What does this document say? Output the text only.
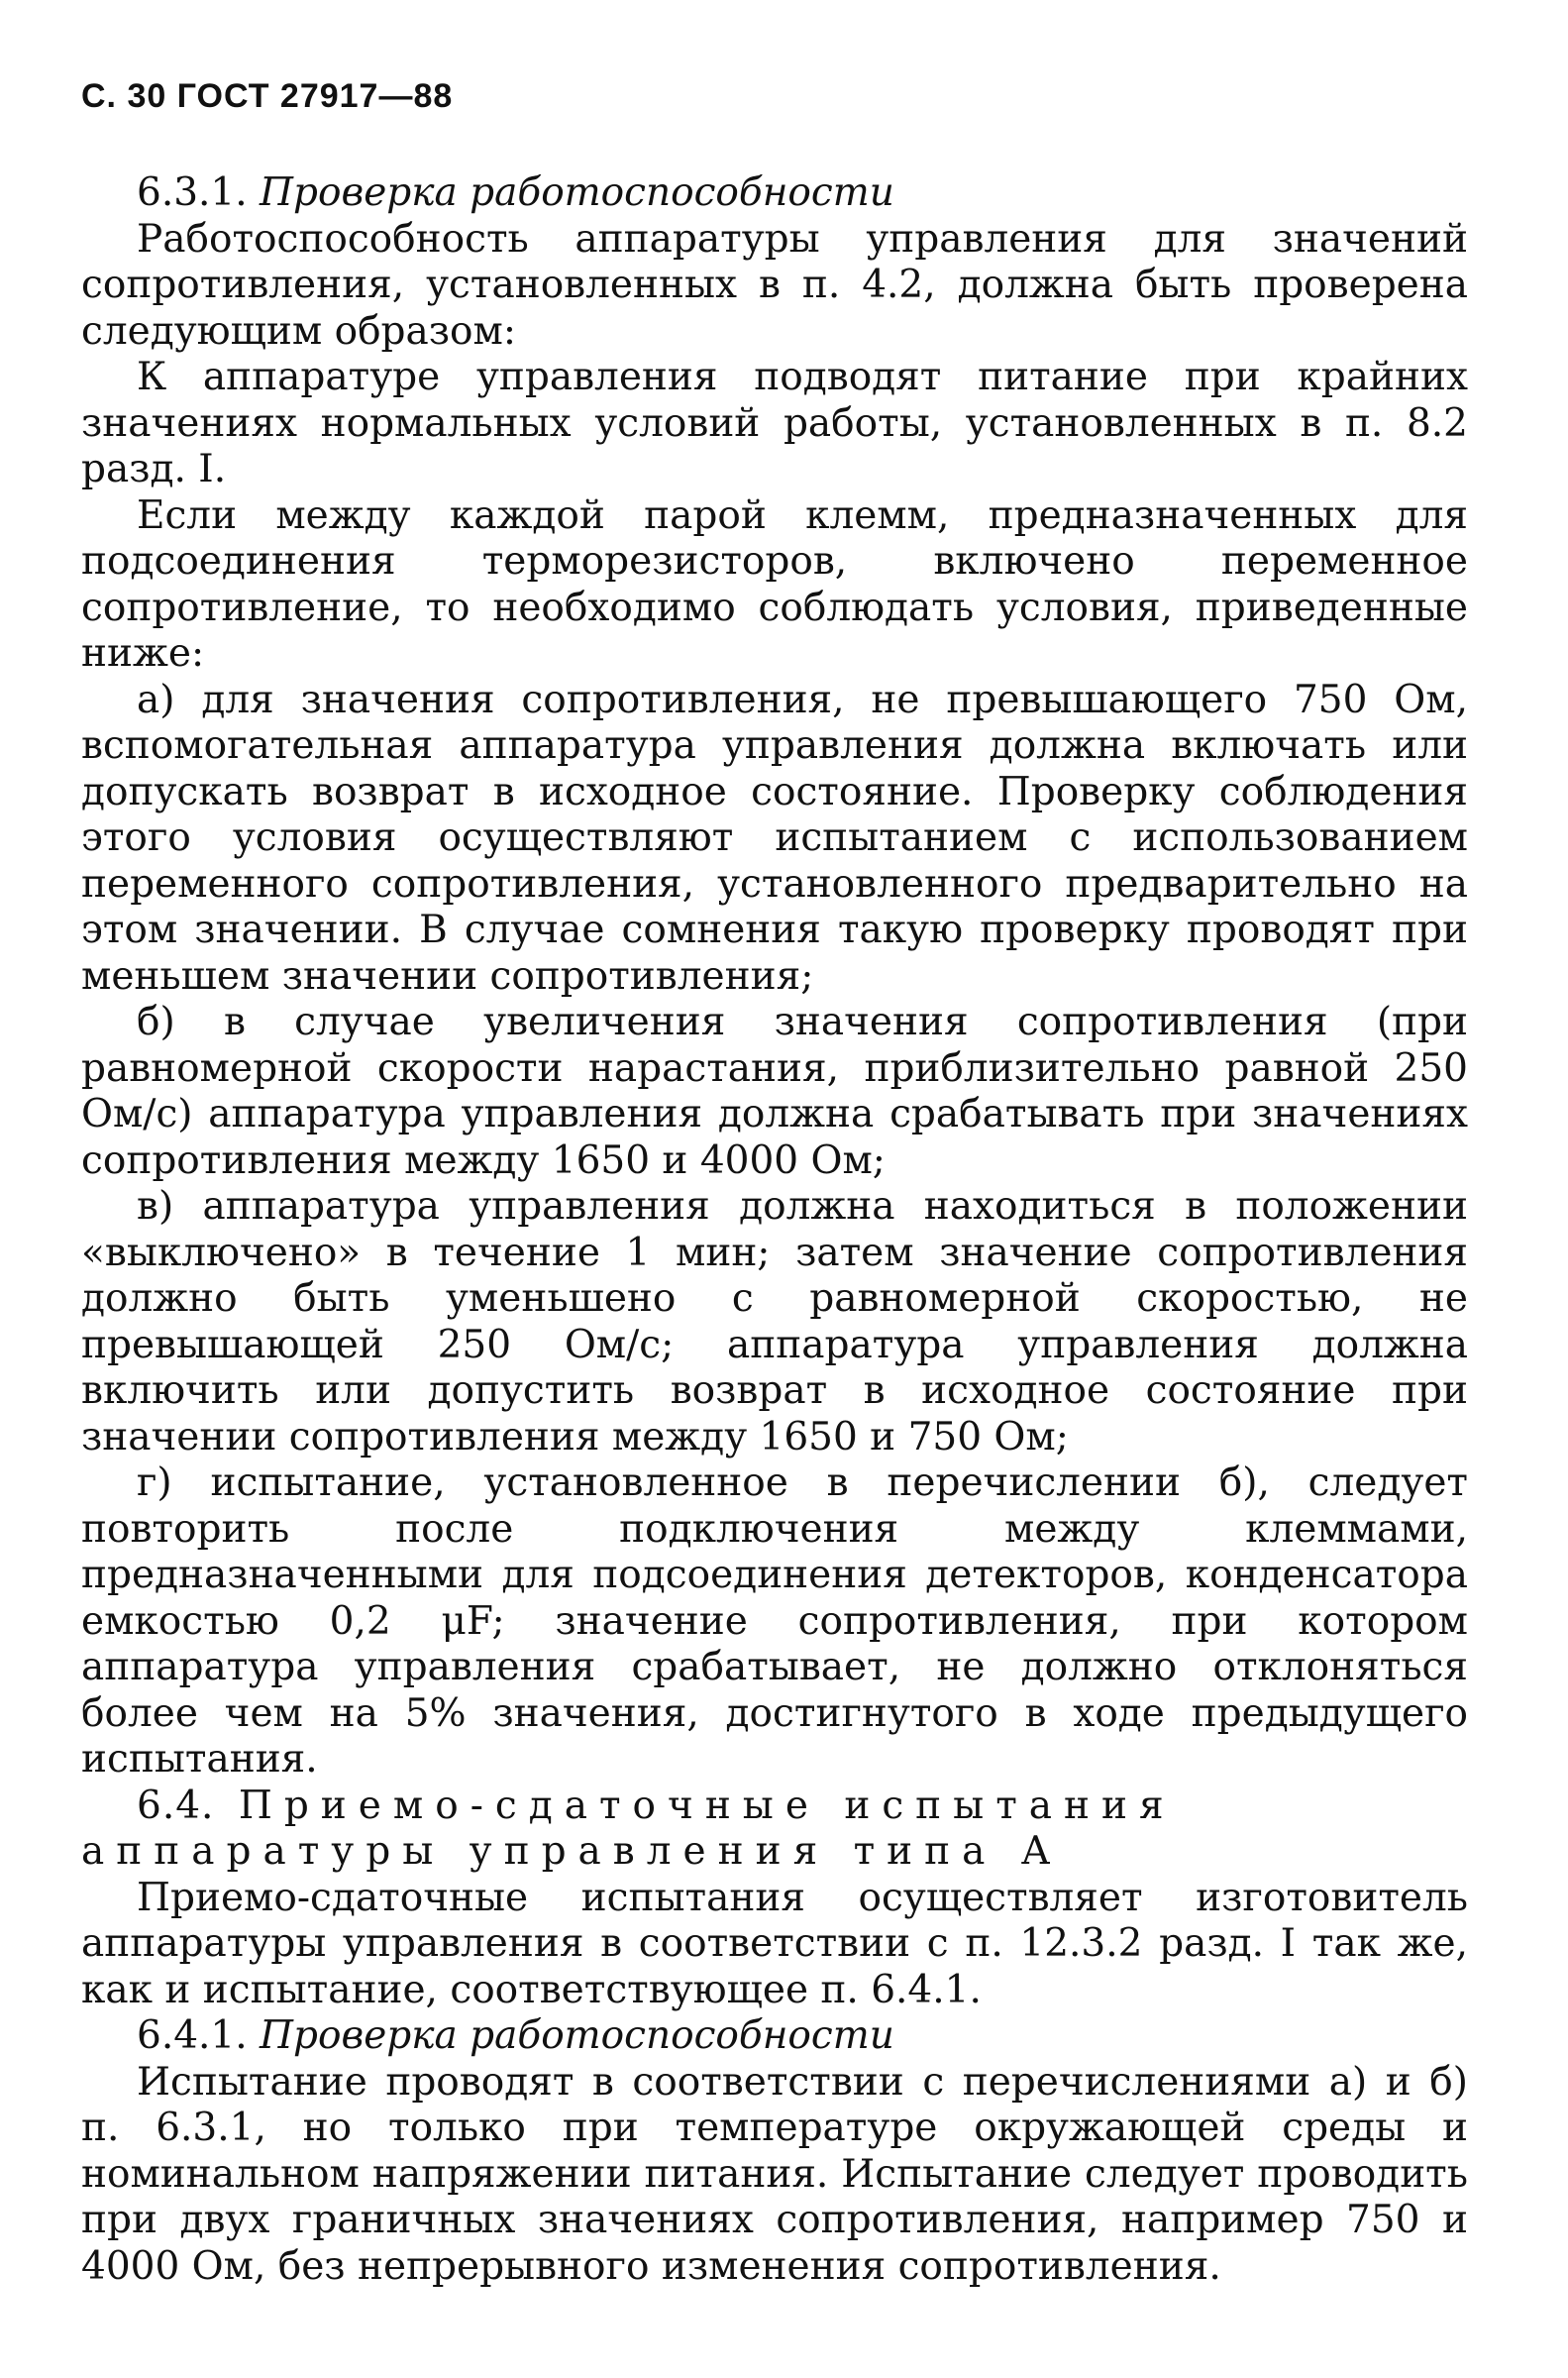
С. 30 ГОСТ 27917—88

6.3.1. Проверка работоспособности

Работоспособность аппаратуры управления для значений сопротивления, установленных в п. 4.2, должна быть проверена следующим образом:

К аппаратуре управления подводят питание при крайних значениях нормальных условий работы, установленных в п. 8.2 разд. I.

Если между каждой парой клемм, предназначенных для подсоединения терморезисторов, включено переменное сопротивление, то необходимо соблюдать условия, приведенные ниже:

а) для значения сопротивления, не превышающего 750 Ом, вспомогательная аппаратура управления должна включать или допускать возврат в исходное состояние. Проверку соблюдения этого условия осуществляют испытанием с использованием переменного сопротивления, установленного предварительно на этом значении. В случае сомнения такую проверку проводят при меньшем значении сопротивления;

б) в случае увеличения значения сопротивления (при равномерной скорости нарастания, приблизительно равной 250 Ом/с) аппаратура управления должна срабатывать при значениях сопротивления между 1650 и 4000 Ом;

в) аппаратура управления должна находиться в положении «выключено» в течение 1 мин; затем значение сопротивления должно быть уменьшено с равномерной скоростью, не превышающей 250 Ом/с; аппаратура управления должна включить или допустить возврат в исходное состояние при значении сопротивления между 1650 и 750 Ом;

г) испытание, установленное в перечислении б), следует повторить после подключения между клеммами, предназначенными для подсоединения детекторов, конденсатора емкостью 0,2 μF; значение сопротивления, при котором аппаратура управления срабатывает, не должно отклоняться более чем на 5% значения, достигнутого в ходе предыдущего испытания.

6.4. Приемо-сдаточные испытания аппаратуры управления типа А

Приемо-сдаточные испытания осуществляет изготовитель аппаратуры управления в соответствии с п. 12.3.2 разд. I так же, как и испытание, соответствующее п. 6.4.1.

6.4.1. Проверка работоспособности

Испытание проводят в соответствии с перечислениями а) и б) п. 6.3.1, но только при температуре окружающей среды и номинальном напряжении питания. Испытание следует проводить при двух граничных значениях сопротивления, например 750 и 4000 Ом, без непрерывного изменения сопротивления.
